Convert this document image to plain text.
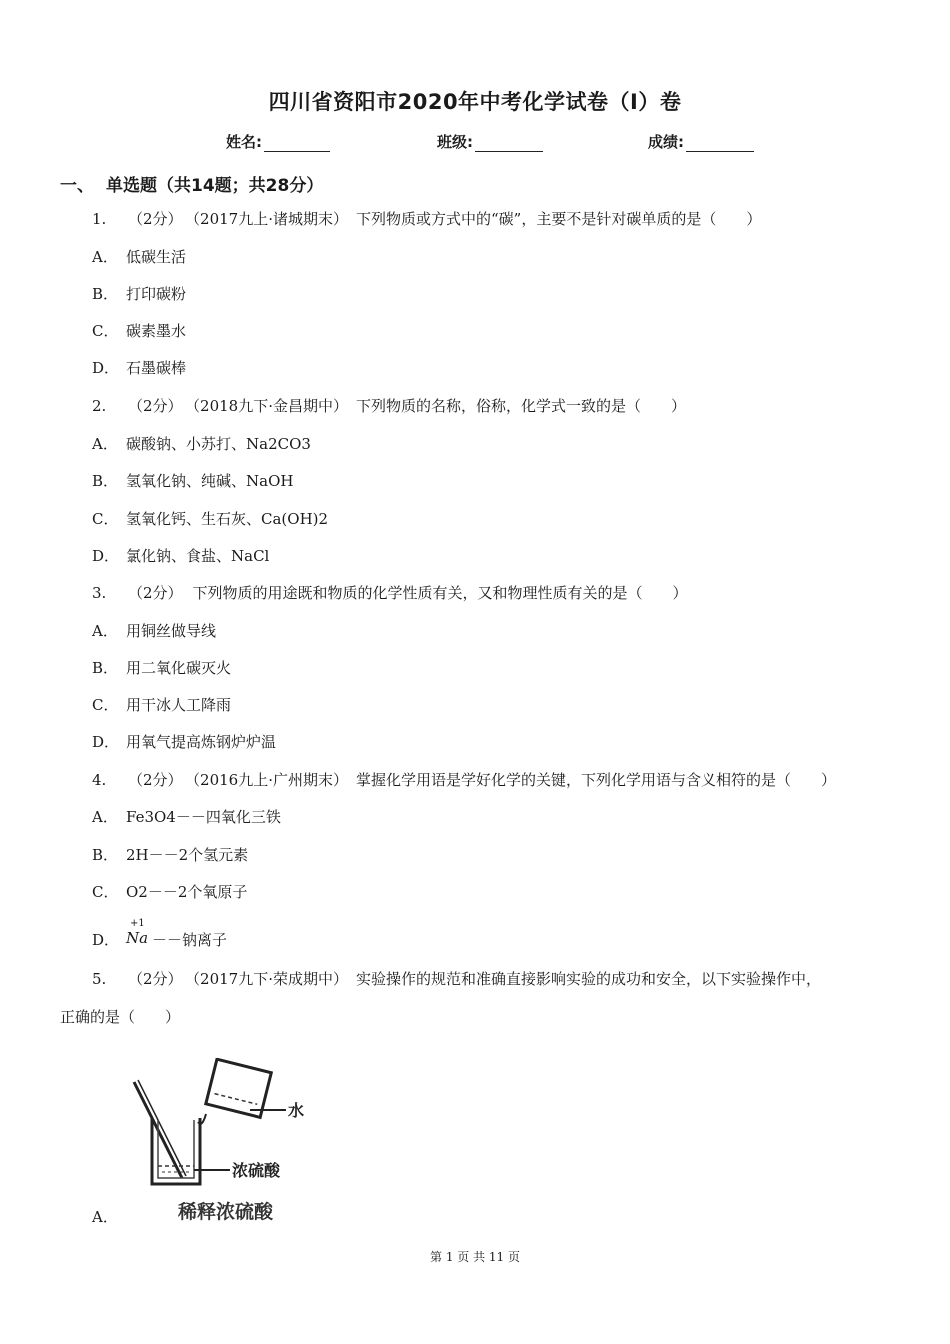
四川省资阳市2020年中考化学试卷（I）卷
姓名:	班级:	成绩:
一、 单选题（共14题；共28分）
1. （2分） （2017九上·诸城期末） 下列物质或方式中的“碳”，主要不是针对碳单质的是（　　）
A． 低碳生活
B． 打印碳粉
C． 碳素墨水
D． 石墨碳棒
2. （2分） （2018九下·金昌期中） 下列物质的名称，俗称，化学式一致的是（　　）
A． 碳酸钠、小苏打、Na2CO3
B． 氢氧化钠、纯碱、NaOH
C． 氢氧化钙、生石灰、Ca(OH)2
D． 氯化钠、食盐、NaCl
3. （2分） 下列物质的用途既和物质的化学性质有关，又和物理性质有关的是（　　）
A． 用铜丝做导线
B． 用二氧化碳灭火
C． 用干冰人工降雨
D． 用氧气提高炼钢炉炉温
4. （2分） （2016九上·广州期末） 掌握化学用语是学好化学的关键，下列化学用语与含义相符的是（　　）
A． Fe3O4－－四氧化三铁
B． 2H－－2个氢元素
C． O2－－2个氧原子
D．
+1
Na －－钠离子
5. （2分） （2017九下·荣成期中） 实验操作的规范和准确直接影响实验的成功和安全，以下实验操作中，
正确的是（　　）
A．
水
浓硫酸
稀释浓硫酸
第 1 页 共 11 页
